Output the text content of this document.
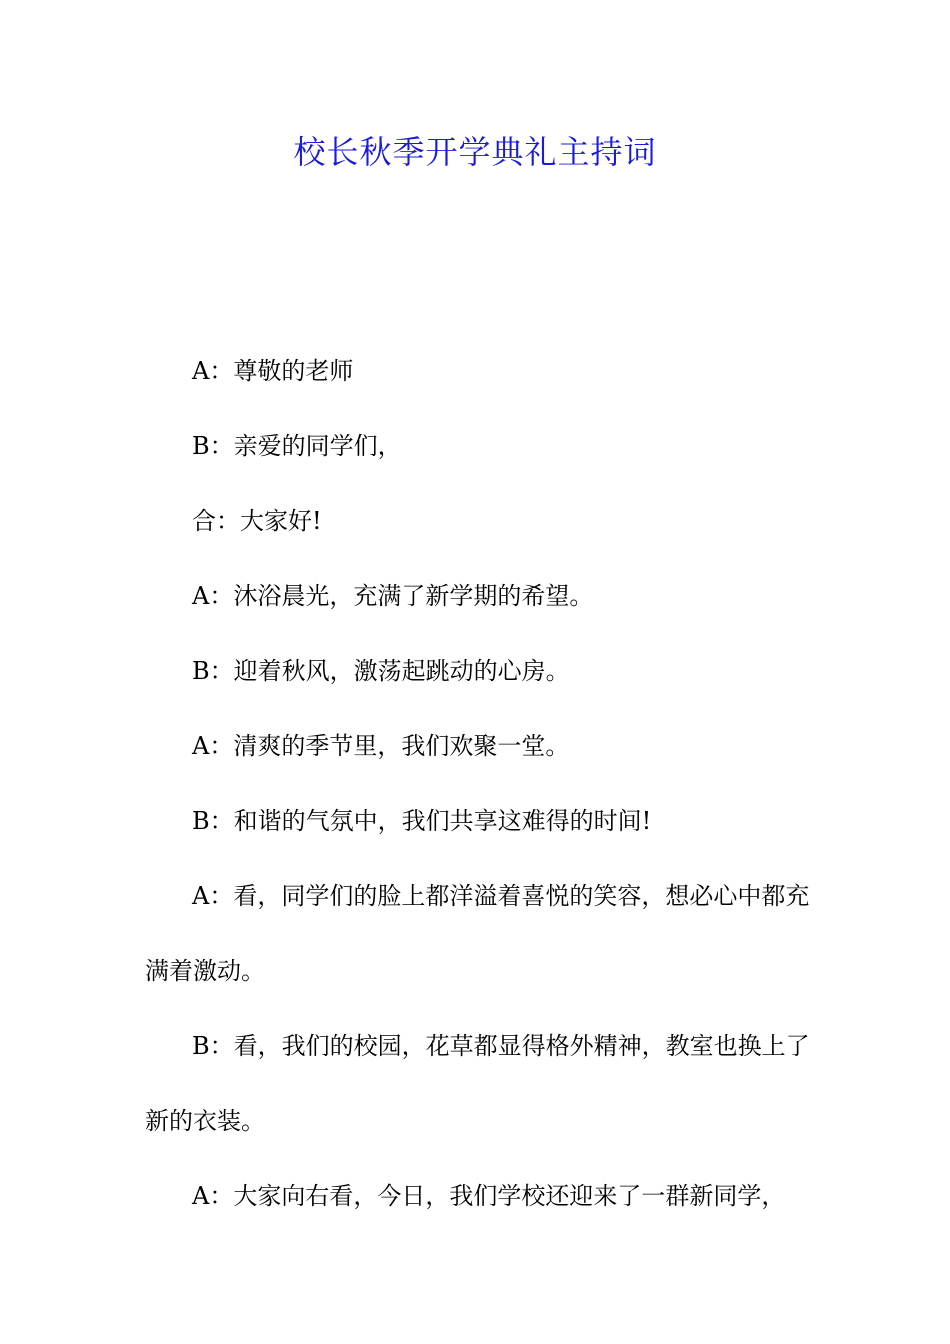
校长秋季开学典礼主持词

A：尊敬的老师

B：亲爱的同学们，

合：大家好!

A：沐浴晨光，充满了新学期的希望。

B：迎着秋风，激荡起跳动的心房。

A：清爽的季节里，我们欢聚一堂。

B：和谐的气氛中，我们共享这难得的时间!

A：看，同学们的脸上都洋溢着喜悦的笑容，想必心中都充满着激动。

B：看，我们的校园，花草都显得格外精神，教室也换上了新的衣装。

A：大家向右看，今日，我们学校还迎来了一群新同学，
